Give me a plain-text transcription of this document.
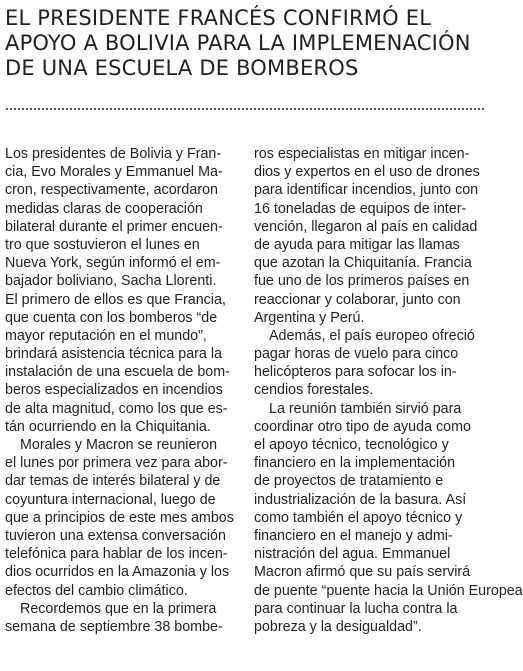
EL PRESIDENTE FRANCÉS CONFIRMÓ EL
APOYO A BOLIVIA PARA LA IMPLEMENACIÓN
DE UNA ESCUELA DE BOMBEROS
Los presidentes de Bolivia y Fran-
cia, Evo Morales y Emmanuel Ma-
cron, respectivamente, acordaron
medidas claras de cooperación
bilateral durante el primer encuen-
tro que sostuvieron el lunes en
Nueva York, según informó el em-
bajador boliviano, Sacha Llorenti.
El primero de ellos es que Francia,
que cuenta con los bomberos “de
mayor reputación en el mundo”,
brindará asistencia técnica para la
instalación de una escuela de bom-
beros especializados en incendios
de alta magnitud, como los que es-
tán ocurriendo en la Chiquitania.
Morales y Macron se reunieron
el lunes por primera vez para abor-
dar temas de interés bilateral y de
coyuntura internacional, luego de
que a principios de este mes ambos
tuvieron una extensa conversación
telefónica para hablar de los incen-
dios ocurridos en la Amazonia y los
efectos del cambio climático.
Recordemos que en la primera
semana de septiembre 38 bombe-
ros especialistas en mitigar incen-
dios y expertos en el uso de drones
para identificar incendios, junto con
16 toneladas de equipos de inter-
vención, llegaron al país en calidad
de ayuda para mitigar las llamas
que azotan la Chiquitanía. Francia
fue uno de los primeros países en
reaccionar y colaborar, junto con
Argentina y Perú.
Además, el país europeo ofreció
pagar horas de vuelo para cinco
helicópteros para sofocar los in-
cendios forestales.
La reunión también sirvió para
coordinar otro tipo de ayuda como
el apoyo técnico, tecnológico y
financiero en la implementación
de proyectos de tratamiento e
industrialización de la basura. Así
como también el apoyo técnico y
financiero en el manejo y admi-
nistración del agua. Emmanuel
Macron afirmó que su país servirá
de puente “puente hacia la Unión Europea
para continuar la lucha contra la
pobreza y la desigualdad”.
